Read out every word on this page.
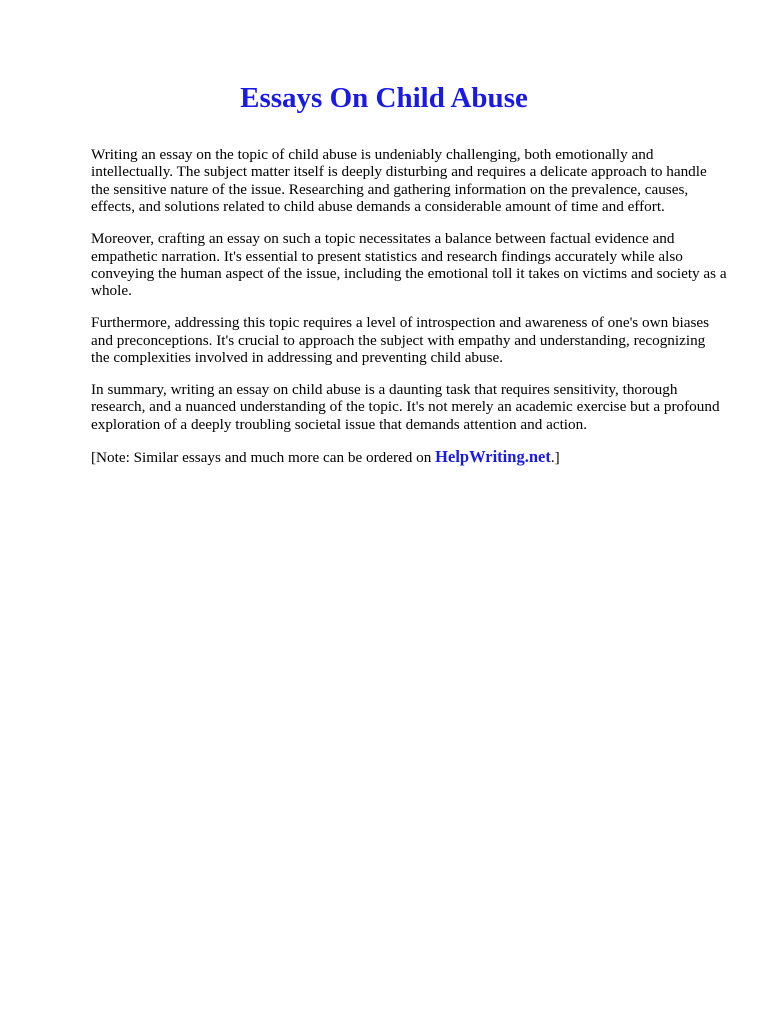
Essays On Child Abuse

Writing an essay on the topic of child abuse is undeniably challenging, both emotionally and intellectually. The subject matter itself is deeply disturbing and requires a delicate approach to handle the sensitive nature of the issue. Researching and gathering information on the prevalence, causes, effects, and solutions related to child abuse demands a considerable amount of time and effort.

Moreover, crafting an essay on such a topic necessitates a balance between factual evidence and empathetic narration. It's essential to present statistics and research findings accurately while also conveying the human aspect of the issue, including the emotional toll it takes on victims and society as a whole.

Furthermore, addressing this topic requires a level of introspection and awareness of one's own biases and preconceptions. It's crucial to approach the subject with empathy and understanding, recognizing the complexities involved in addressing and preventing child abuse.

In summary, writing an essay on child abuse is a daunting task that requires sensitivity, thorough research, and a nuanced understanding of the topic. It's not merely an academic exercise but a profound exploration of a deeply troubling societal issue that demands attention and action.

[Note: Similar essays and much more can be ordered on HelpWriting.net.]
